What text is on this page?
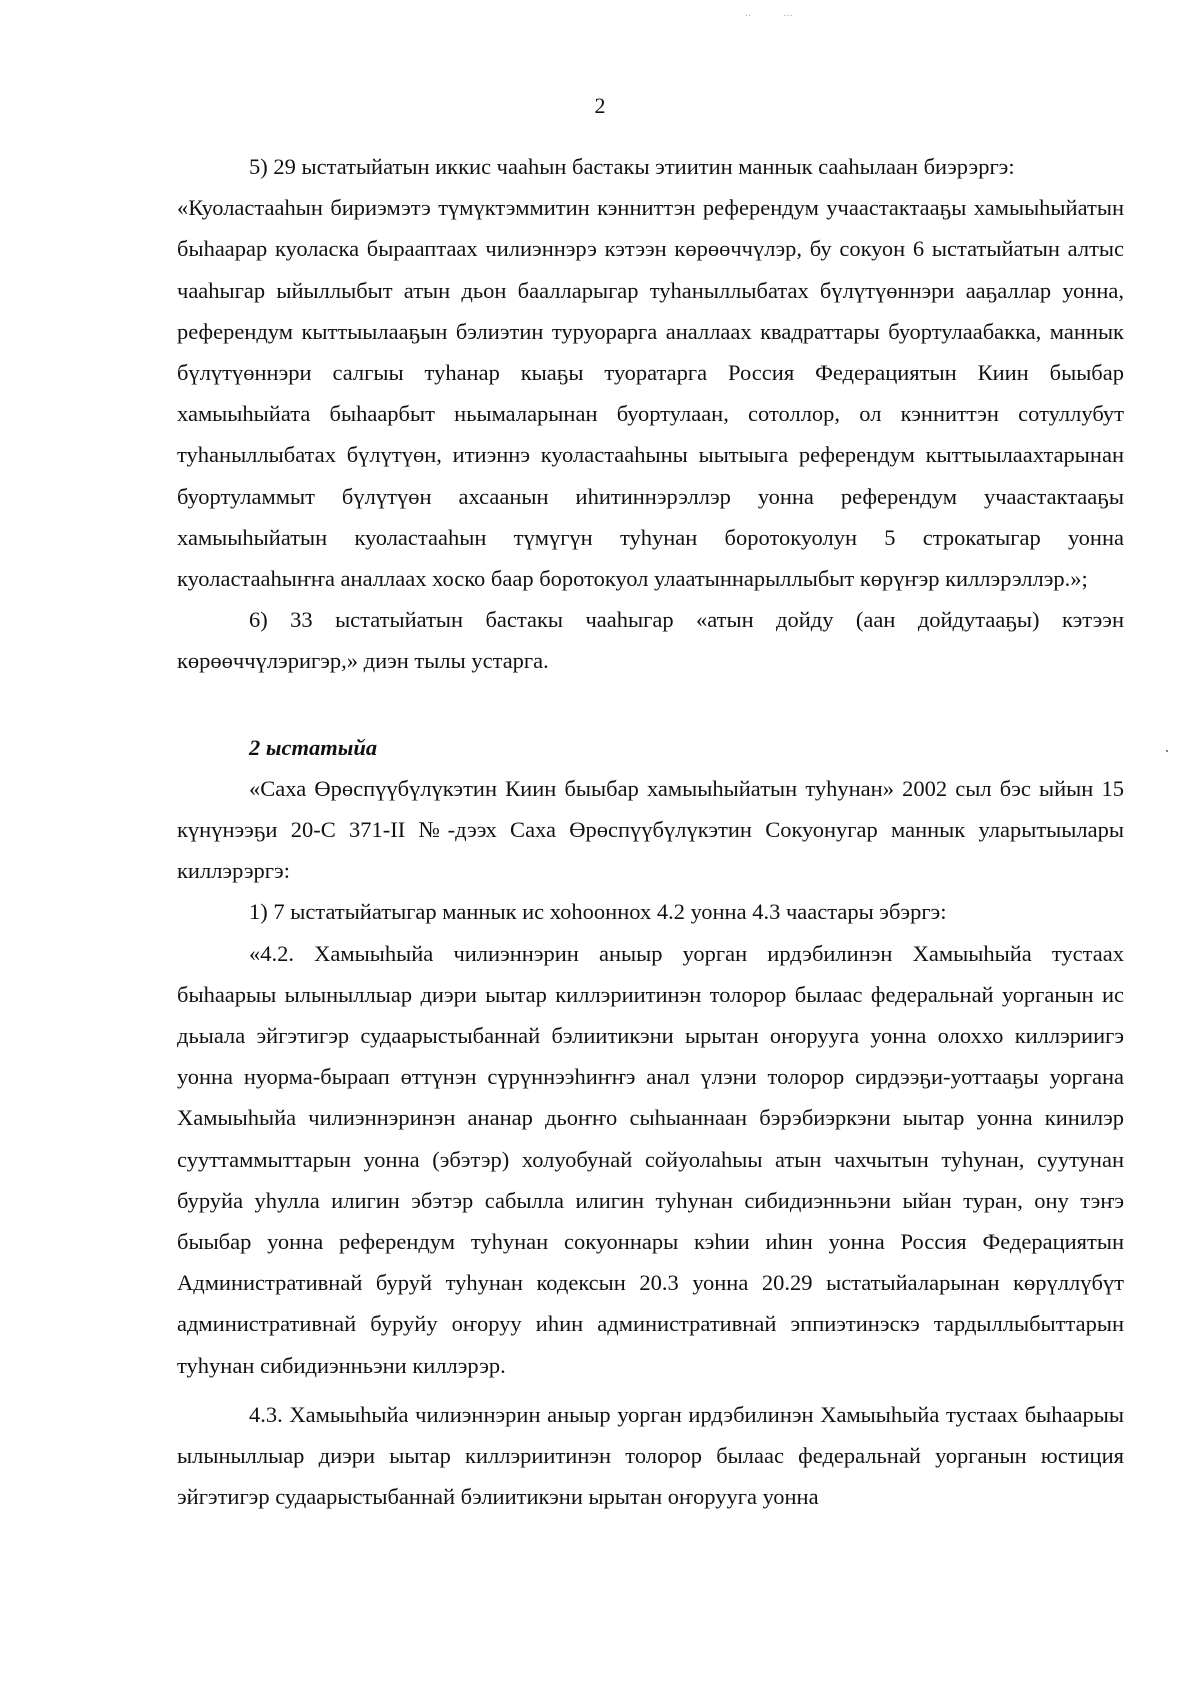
..          ...
2

5) 29 ыстатыйатын иккис чааһын бастакы этиитин маннык сааһылаан биэрэргэ:

«Куоластааһын бириэмэтэ түмүктэммитин кэнниттэн референдум учаастактааҕы хамыыһыйатын быһаарар куоласка бырааптаах чилиэннэрэ кэтээн көрөөччүлэр, бу сокуон 6 ыстатыйатын алтыс чааһыгар ыйыллыбыт атын дьон баалларыгар туһаныллыбатах бүлүтүөннэри ааҕаллар уонна, референдум кыттыылааҕын бэлиэтин туруорарга аналлаах квадраттары буортулаабакка, маннык бүлүтүөннэри салгыы туһанар кыаҕы туоратарга Россия Федерациятын Киин быыбар хамыыһыйата быһаарбыт ньымаларынан буортулаан, сотоллор, ол кэнниттэн сотуллубут туһаныллыбатах бүлүтүөн, итиэннэ куоластааһыны ыытыыга референдум кыттыылаахтарынан буортуламмыт бүлүтүөн ахсаанын иһитиннэрэллэр уонна референдум учаастактааҕы хамыыһыйатын куоластааһын түмүгүн туһунан боротокуолун 5 строкатыгар уонна куоластааһыҥҥа аналлаах хоско баар боротокуол улаатыннарыллыбыт көрүҥэр киллэрэллэр.»;

6) 33 ыстатыйатын бастакы чааһыгар «атын дойду (аан дойдутааҕы) кэтээн көрөөччүлэригэр,» диэн тылы устарга.

2 ыстатыйа

«Саха Өрөспүүбүлүкэтин Киин быыбар хамыыһыйатын туһунан» 2002 сыл бэс ыйын 15 күнүнээҕи 20-С 371-II №-дээх Саха Өрөспүүбүлүкэтин Сокуонугар маннык уларытыылары киллэрэргэ:

1) 7 ыстатыйатыгар маннык ис хоһооннох 4.2 уонна 4.3 чаастары эбэргэ:

«4.2. Хамыыһыйа чилиэннэрин аныыр уорган ирдэбилинэн Хамыыһыйа тустаах быһаарыы ылыныллыар диэри ыытар киллэриитинэн толорор былаас федеральнай уорганын ис дьыала эйгэтигэр судаарыстыбаннай бэлиитикэни ырытан оҥорууга уонна олоххо киллэриигэ уонна нуорма-быраап өттүнэн сүрүннээһиҥҥэ анал үлэни толорор сирдээҕи-уоттааҕы уоргана Хамыыһыйа чилиэннэринэн ананар дьоҥҥо сыһыаннаан бэрэбиэркэни ыытар уонна кинилэр сууттаммыттарын уонна (эбэтэр) холуобунай сойуолаһыы атын чахчытын туһунан, суутунан буруйа уһулла илигин эбэтэр сабылла илигин туһунан сибидиэнньэни ыйан туран, ону тэҥэ быыбар уонна референдум туһунан сокуоннары кэһии иһин уонна Россия Федерациятын Административнай буруй туһунан кодексын 20.3 уонна 20.29 ыстатыйаларынан көрүллүбүт административнай буруйу оҥоруу иһин административнай эппиэтинэскэ тардыллыбыттарын туһунан сибидиэнньэни киллэрэр.

4.3. Хамыыһыйа чилиэннэрин аныыр уорган ирдэбилинэн Хамыыһыйа тустаах быһаарыы ылыныллыар диэри ыытар киллэриитинэн толорор былаас федеральнай уорганын юстиция эйгэтигэр судаарыстыбаннай бэлиитикэни ырытан оҥорууга уонна
